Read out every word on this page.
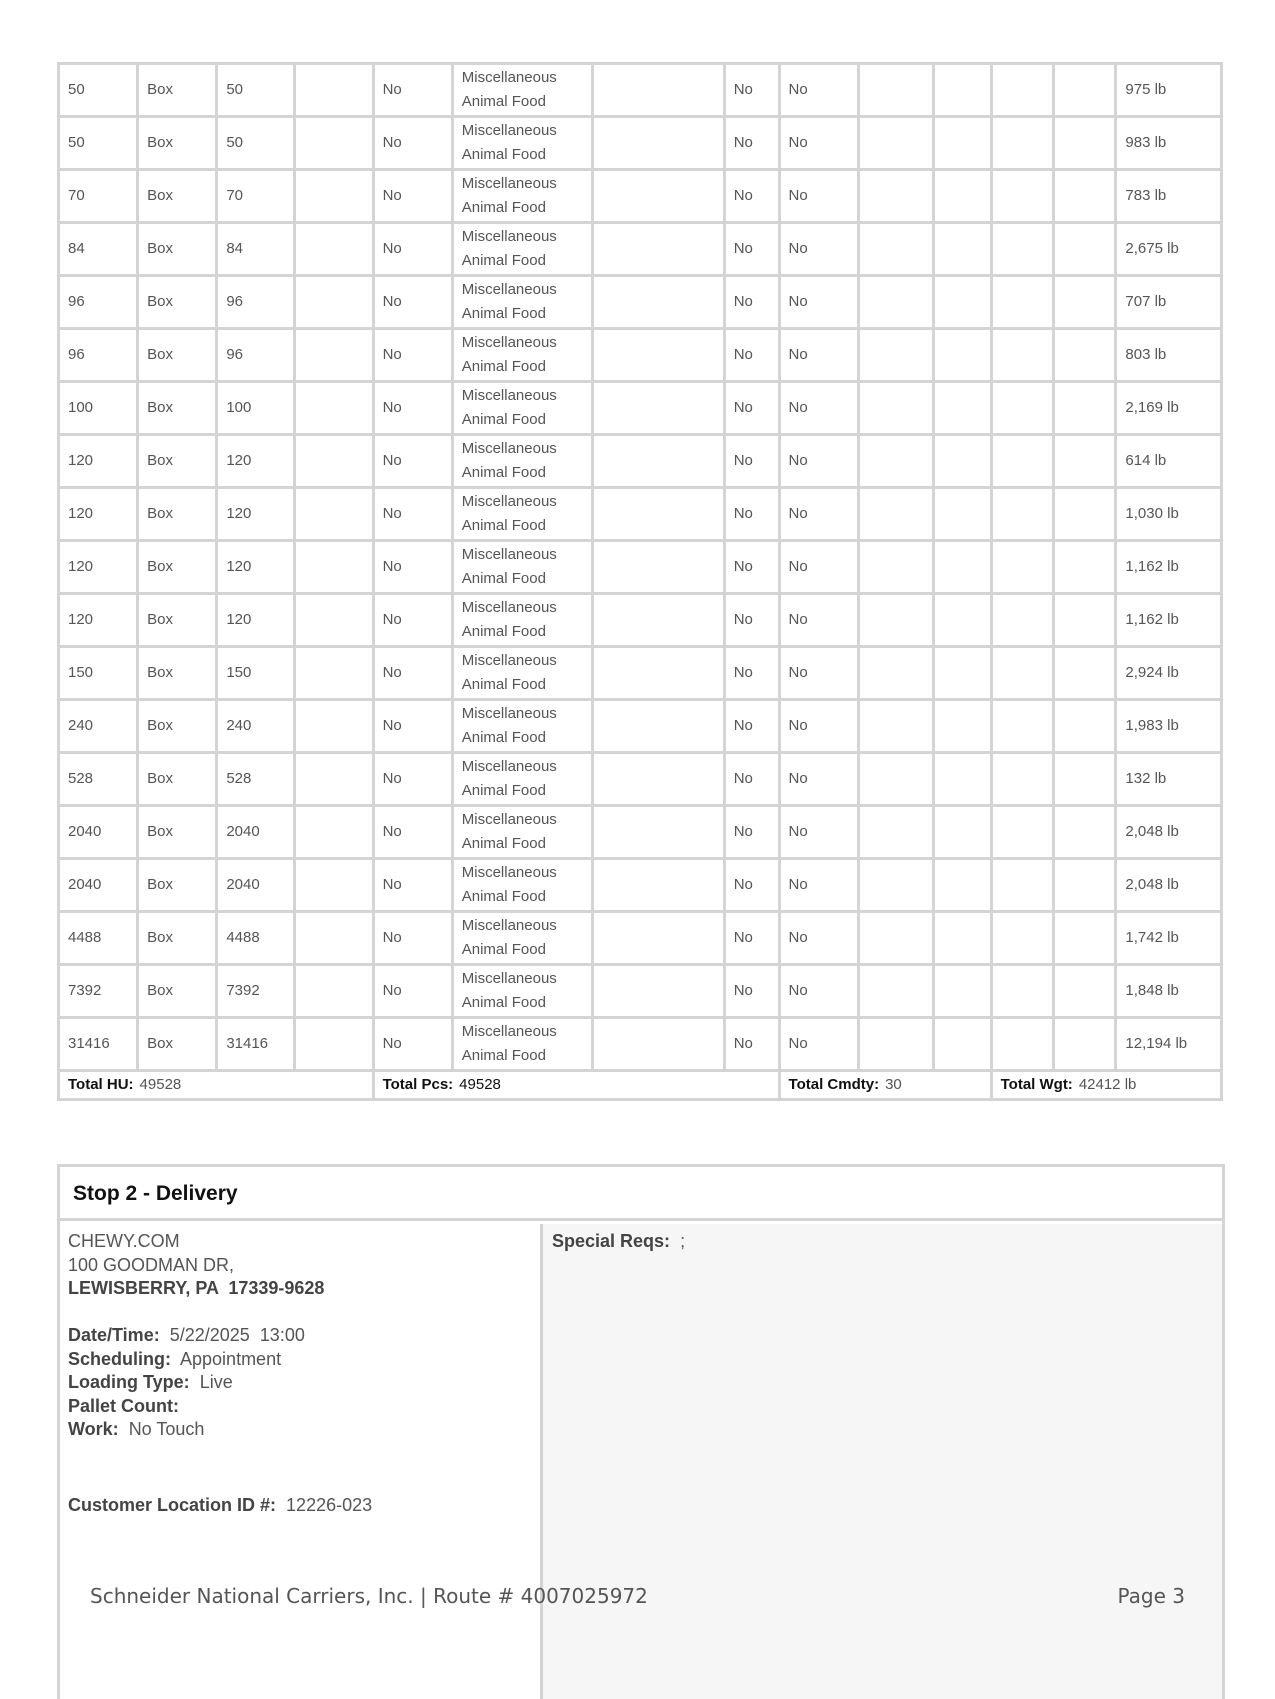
50	Box	50		No	Miscellaneous
Animal Food		No	No					975 lb
50	Box	50		No	Miscellaneous
Animal Food		No	No					983 lb
70	Box	70		No	Miscellaneous
Animal Food		No	No					783 lb
84	Box	84		No	Miscellaneous
Animal Food		No	No					2,675 lb
96	Box	96		No	Miscellaneous
Animal Food		No	No					707 lb
96	Box	96		No	Miscellaneous
Animal Food		No	No					803 lb
100	Box	100		No	Miscellaneous
Animal Food		No	No					2,169 lb
120	Box	120		No	Miscellaneous
Animal Food		No	No					614 lb
120	Box	120		No	Miscellaneous
Animal Food		No	No					1,030 lb
120	Box	120		No	Miscellaneous
Animal Food		No	No					1,162 lb
120	Box	120		No	Miscellaneous
Animal Food		No	No					1,162 lb
150	Box	150		No	Miscellaneous
Animal Food		No	No					2,924 lb
240	Box	240		No	Miscellaneous
Animal Food		No	No					1,983 lb
528	Box	528		No	Miscellaneous
Animal Food		No	No					132 lb
2040	Box	2040		No	Miscellaneous
Animal Food		No	No					2,048 lb
2040	Box	2040		No	Miscellaneous
Animal Food		No	No					2,048 lb
4488	Box	4488		No	Miscellaneous
Animal Food		No	No					1,742 lb
7392	Box	7392		No	Miscellaneous
Animal Food		No	No					1,848 lb
31416	Box	31416		No	Miscellaneous
Animal Food		No	No					12,194 lb
Total HU: 49528				Total Pcs: 49528				Total Cmdty: 30			Total Wgt: 42412 lb		
Stop 2 - Delivery
CHEWY.COM
100 GOODMAN DR,
LEWISBERRY, PA  17339-9628
Date/Time: 5/22/2025  13:00
Scheduling: Appointment
Loading Type: Live
Pallet Count:
Work: No Touch
Customer Location ID #: 12226-023
Special Reqs: ;
Schneider National Carriers, Inc. | Route # 4007025972	Page 3
